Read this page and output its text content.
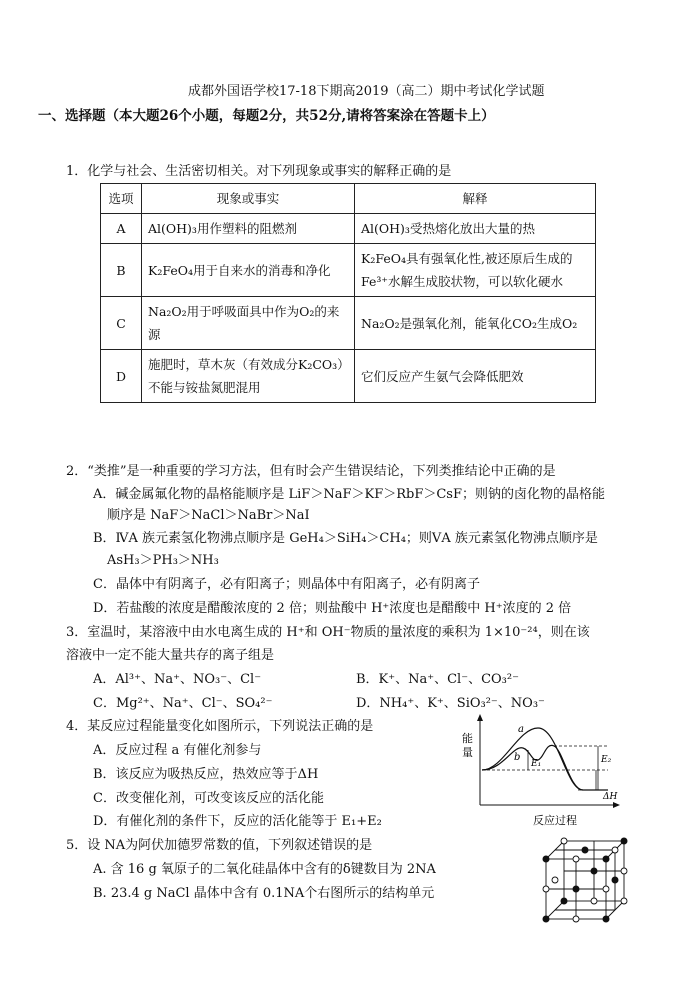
成都外国语学校17-18下期高2019（高二）期中考试化学试题
一、选择题（本大题26个小题，每题2分，共52分,请将答案涂在答题卡上）
1．化学与社会、生活密切相关。对下列现象或事实的解释正确的是
选项	现象或事实	解释
A	Al(OH)₃用作塑料的阻燃剂	Al(OH)₃受热熔化放出大量的热
B	K₂FeO₄用于自来水的消毒和净化	K₂FeO₄具有强氧化性,被还原后生成的Fe³⁺水解生成胶状物，可以软化硬水
C	Na₂O₂用于呼吸面具中作为O₂的来源	Na₂O₂是强氧化剂，能氧化CO₂生成O₂
D	施肥时，草木灰（有效成分K₂CO₃）不能与铵盐氮肥混用	它们反应产生氨气会降低肥效
2．“类推”是一种重要的学习方法，但有时会产生错误结论，下列类推结论中正确的是
A．碱金属氟化物的晶格能顺序是 LiF＞NaF＞KF＞RbF＞CsF；则钠的卤化物的晶格能
顺序是 NaF＞NaCl＞NaBr＞NaI
B．ⅣA 族元素氢化物沸点顺序是 GeH₄＞SiH₄＞CH₄；则ⅤA 族元素氢化物沸点顺序是
AsH₃＞PH₃＞NH₃
C．晶体中有阴离子，必有阳离子；则晶体中有阳离子，必有阴离子
D．若盐酸的浓度是醋酸浓度的 2 倍；则盐酸中 H⁺浓度也是醋酸中 H⁺浓度的 2 倍
3．室温时，某溶液中由水电离生成的 H⁺和 OH⁻物质的量浓度的乘积为 1×10⁻²⁴，则在该
溶液中一定不能大量共存的离子组是
A．Al³⁺、Na⁺、NO₃⁻、Cl⁻	B．K⁺、Na⁺、Cl⁻、CO₃²⁻
C．Mg²⁺、Na⁺、Cl⁻、SO₄²⁻	D．NH₄⁺、K⁺、SiO₃²⁻、NO₃⁻
4．某反应过程能量变化如图所示，下列说法正确的是
A．反应过程 a 有催化剂参与
B．该反应为吸热反应，热效应等于ΔH
C．改变催化剂，可改变该反应的活化能
D．有催化剂的条件下，反应的活化能等于 E₁+E₂
能
量
a
b
E₁	E₂
ΔH
反应过程
5．设 NA为阿伏加德罗常数的值，下列叙述错误的是
A. 含 16 g 氧原子的二氧化硅晶体中含有的δ键数目为 2NA
B. 23.4 g NaCl 晶体中含有 0.1NA个右图所示的结构单元
